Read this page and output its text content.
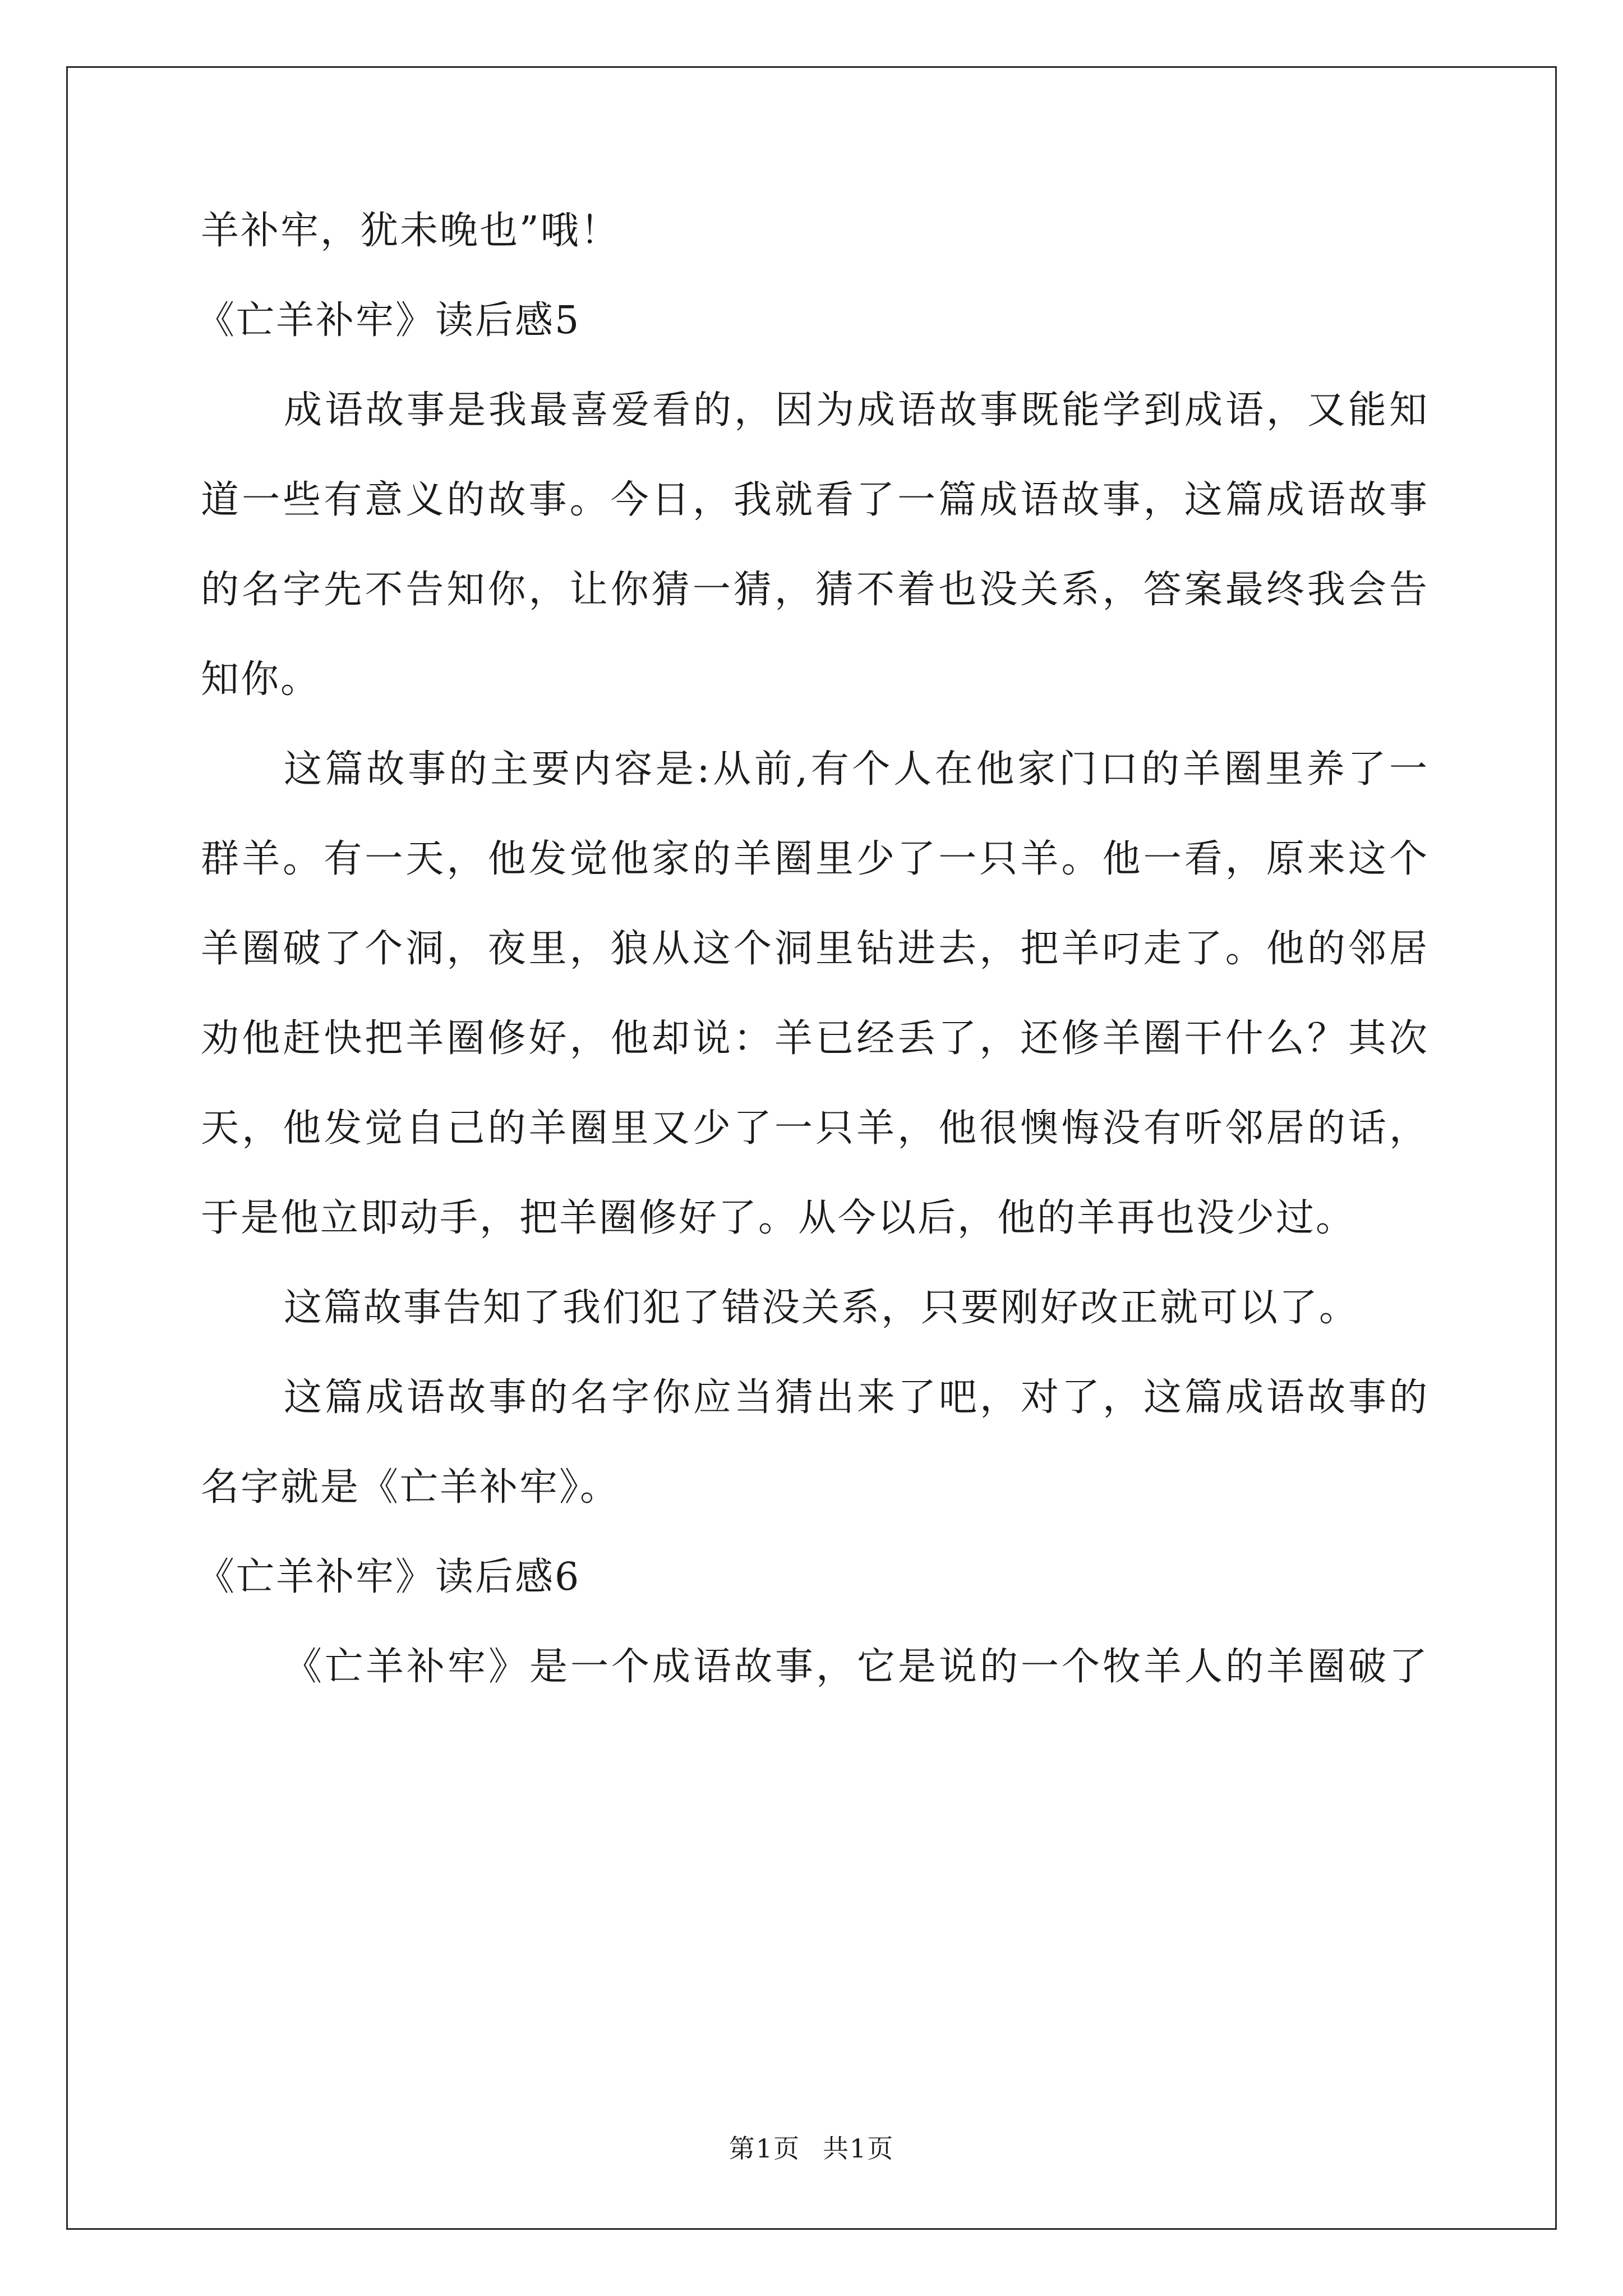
羊补牢，犹未晚也”哦！

《亡羊补牢》读后感5

成语故事是我最喜爱看的，因为成语故事既能学到成语，又能知

道一些有意义的故事。今日，我就看了一篇成语故事，这篇成语故事

的名字先不告知你，让你猜一猜，猜不着也没关系，答案最终我会告

知你。

这篇故事的主要内容是:从前,有个人在他家门口的羊圈里养了一

群羊。有一天，他发觉他家的羊圈里少了一只羊。他一看，原来这个

羊圈破了个洞，夜里，狼从这个洞里钻进去，把羊叼走了。他的邻居

劝他赶快把羊圈修好，他却说：羊已经丢了，还修羊圈干什么？其次

天，他发觉自己的羊圈里又少了一只羊，他很懊悔没有听邻居的话，

于是他立即动手，把羊圈修好了。从今以后，他的羊再也没少过。

这篇故事告知了我们犯了错没关系，只要刚好改正就可以了。

这篇成语故事的名字你应当猜出来了吧，对了，这篇成语故事的

名字就是《亡羊补牢》。

《亡羊补牢》读后感6

《亡羊补牢》是一个成语故事，它是说的一个牧羊人的羊圈破了

第1页 共1页
